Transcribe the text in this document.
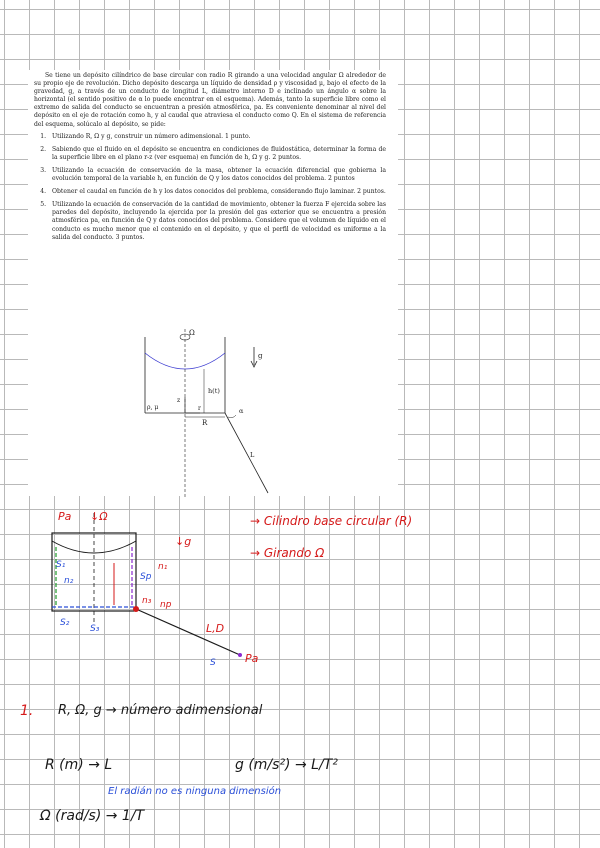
Se tiene un depósito cilíndrico de base circular con radio R girando a una velocidad angular Ω alrededor de su propio eje de revolución. Dicho depósito descarga un líquido de densidad ρ y viscosidad μ, bajo el efecto de la gravedad, g, a través de un conducto de longitud L, diámetro interno D e inclinado un ángulo α sobre la horizontal (el sentido positivo de α lo puede encontrar en el esquema). Además, tanto la superficie libre como el extremo de salida del conducto se encuentran a presión atmosférica, pa. Es conveniente denominar al nivel del depósito en el eje de rotación como h, y al caudal que atraviesa el conducto como Q. En el sistema de referencia del esquema, solúcalo al depósito, se pide:

1. Utilizando R, Ω y g, construir un número adimensional. 1 punto.
2. Sabiendo que el fluido en el depósito se encuentra en condiciones de fluidostática, determinar la forma de la superficie libre en el plano r-z (ver esquema) en función de h, Ω y g. 2 puntos.
3. Utilizando la ecuación de conservación de la masa, obtener la ecuación diferencial que gobierna la evolución temporal de la variable h, en función de Q y los datos conocidos del problema. 2 puntos
4. Obtener el caudal en función de h y los datos conocidos del problema, considerando flujo laminar. 2 puntos.
5. Utilizando la ecuación de conservación de la cantidad de movimiento, obtener la fuerza F ejercida sobre las paredes del depósito, incluyendo la ejercida por la presión del gas exterior que se encuentra a presión atmosférica pa, en función de Q y datos conocidos del problema. Considere que el volumen de líquido en el conducto es mucho menor que el contenido en el depósito, y que el perfil de velocidad es uniforme a la salida del conducto. 3 puntos.
Ω
g
h(t)
z
r
ρ, μ
R
α
L
Pa ↓Ω
↓g
→ Cilindro base circular (R)
→ Girando Ω
S₁
S₂
S₃
Sp
S
n₁
n₂
np
n₃
L,D
Pa
1. R, Ω, g → número adimensional
R (m) → L	g (m/s²) → L/T²
El radián no es ninguna dimensión
Ω (rad/s) → 1/T
